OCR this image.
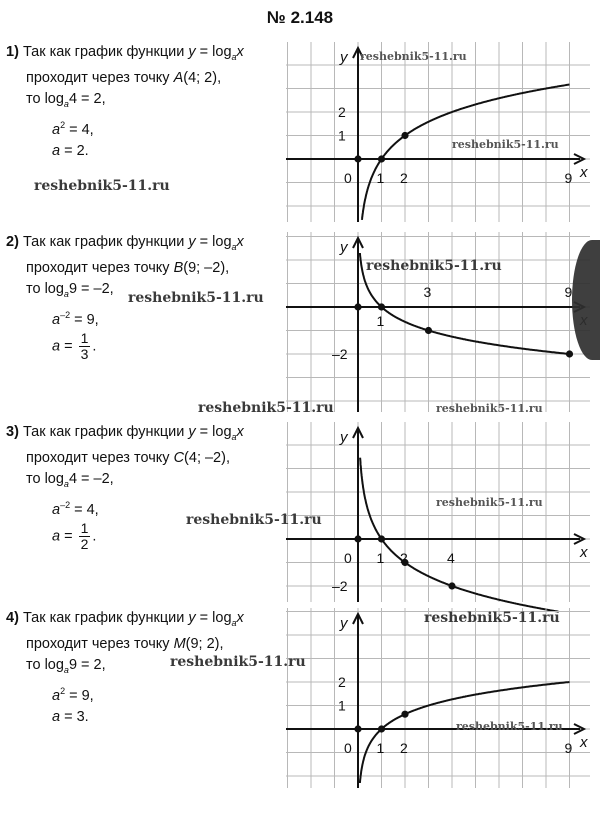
№ 2.148
1) Так как график функции $y = \log_ax$
проходит через точку A(4; 2),
то $\log_a4 = 2$,
$a^2 = 4$,
a = 2.
2) Так как график функции $y = \log_ax$
проходит через точку B(9; –2),
то $\log_a9 = -2$,
$a^{-2} = 9$,
$a = \frac{1}{3}$ .
3) Так как график функции $y = \log_ax$
проходит через точку C(4; –2),
то $\log_a4 = -2$,
$a^{-2} = 4$,
$a = \frac{1}{2}$ .
4) Так как график функции $y = \log_ax$
проходит через точку M(9; 2),
то $\log_a9 = 2$,
$a^2 = 9$,
a = 3.
x
y
0 1 2	9
1
2
y
1
3	9
–2
x
y
0 1 2	4
–2
x
y
0 1 2	9
1
2
reshebnik5-11.ru
reshebnik5-11.ru
reshebnik5-11.ru
reshebnik5-11.ru
reshebnik5-11.ru
reshebnik5-11.ru	reshebnik5-11.ru
reshebnik5-11.ru
reshebnik5-11.ru
reshebnik5-11.ru
reshebnik5-11.ru
reshebnik5-11.ru
